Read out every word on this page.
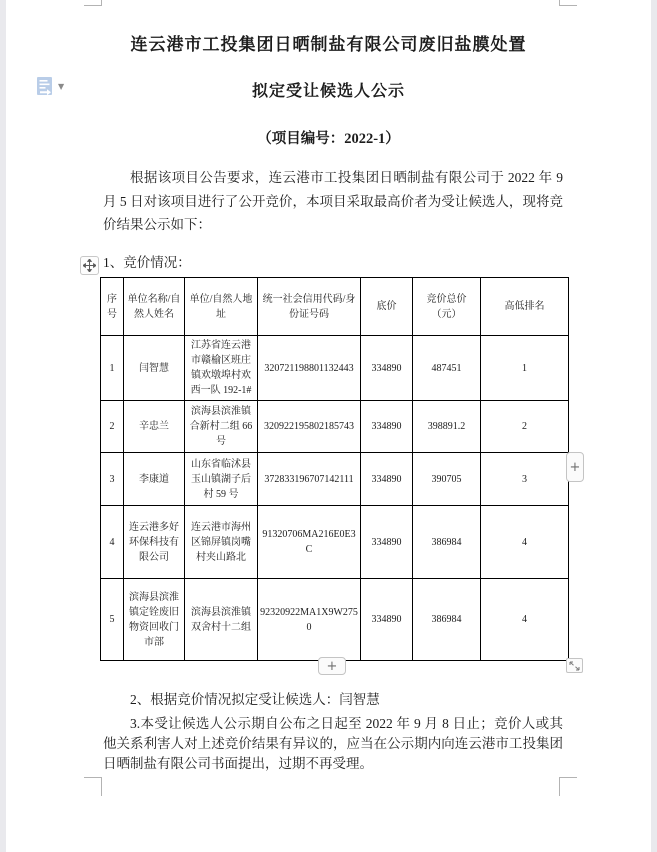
连云港市工投集团日晒制盐有限公司废旧盐膜处置
拟定受让候选人公示
（项目编号：2022-1）
▼

根据该项目公告要求，连云港市工投集团日晒制盐有限公司于 2022 年 9 月 5 日对该项目进行了公开竞价，本项目采取最高价者为受让候选人，现将竞价结果公示如下：

1、竞价情况：
序号	单位名称/自然人姓名	单位/自然人地址	统一社会信用代码/身份证号码	底价	竞价总价（元）	高低排名
1	闫智慧	江苏省连云港市赣榆区班庄镇欢墩埠村欢西一队 192-1#	320721198801132443	334890	487451	1
2	辛忠兰	滨海县滨淮镇合新村二组 66 号	320922195802185743	334890	398891.2	2
3	李康道	山东省临沭县玉山镇湖子后村 59 号	372833196707142111	334890	390705	3
4	连云港多好环保科技有限公司	连云港市海州区锦屏镇岗嘴村夹山路北	91320706MA216E0E3C	334890	386984	4
5	滨海县滨淮镇定铨废旧物资回收门市部	滨海县滨淮镇双舍村十二组	92320922MA1X9W2750	334890	386984	4
+
+

2、根据竞价情况拟定受让候选人：闫智慧

3.本受让候选人公示期自公布之日起至 2022 年 9 月 8 日止；竞价人或其他关系利害人对上述竞价结果有异议的，应当在公示期内向连云港市工投集团日晒制盐有限公司书面提出，过期不再受理。
